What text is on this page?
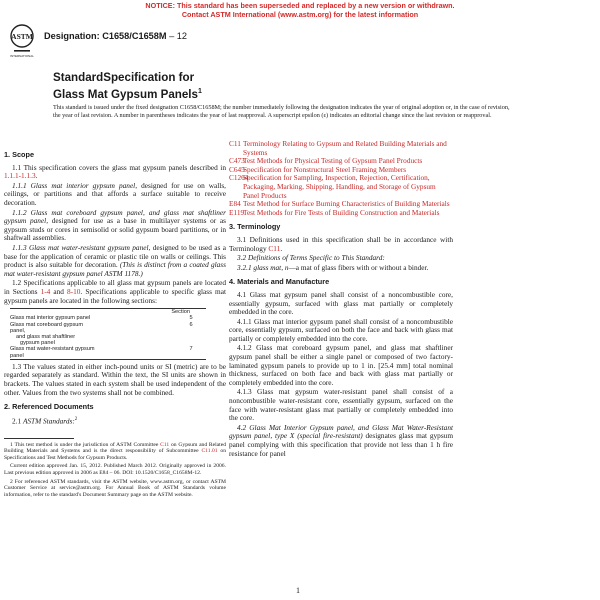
NOTICE: This standard has been superseded and replaced by a new version or withdrawn.
Contact ASTM International (www.astm.org) for the latest information
ASTM
INTERNATIONAL
Designation: C1658/C1658M – 12
StandardSpecification for
Glass Mat Gypsum Panels$^1$
This standard is issued under the fixed designation C1658/C1658M; the number immediately following the designation indicates the year of original adoption or, in the case of revision, the year of last revision. A number in parentheses indicates the year of last reapproval. A superscript epsilon (ε) indicates an editorial change since the last revision or reapproval.
1. Scope
1.1 This specification covers the glass mat gypsum panels described in 1.1.1-1.1.3.
1.1.1 Glass mat interior gypsum panel, designed for use on walls, ceilings, or partitions and that affords a surface suitable to receive decoration.
1.1.2 Glass mat coreboard gypsum panel, and glass mat shaftliner gypsum panel, designed for use as a base in multilayer systems or as gypsum studs or cores in semisolid or solid gypsum board partitions, or in shaftwall assemblies.
1.1.3 Glass mat water-resistant gypsum panel, designed to be used as a base for the application of ceramic or plastic tile on walls or ceilings. This product is also suitable for decoration. (This is distinct from a coated glass mat water-resistant gypsum panel ASTM 1178.)
1.2 Specifications applicable to all glass mat gypsum panels are located in Sections 1-4 and 8-10. Specifications applicable to specific glass mat gypsum panels are located in the following sections:
Section
Glass mat interior gypsum panel	5
Glass mat coreboard gypsum	6
panel,
and glass mat shaftliner
gypsum panel
Glass mat water-resistant gypsum	7
panel
1.3 The values stated in either inch-pound units or SI (metric) are to be regarded separately as standard. Within the text, the SI units are shown in brackets. The values stated in each system shall be used independent of the other. Values from the two systems shall not be combined.
2. Referenced Documents
2.1 ASTM Standards:$^2$
1 This test method is under the jurisdiction of ASTM Committee C11 on Gypsum and Related Building Materials and Systems and is the direct responsibility of Subcommittee C11.01 on Specifications and Test Methods for Gypsum Products.
Current edition approved Jan. 15, 2012. Published March 2012. Originally approved in 2006. Last previous edition approved in 2006 as E84 – 06. DOI: 10.1520/C1658_C1658M-12.
2 For referenced ASTM standards, visit the ASTM website, www.astm.org, or contact ASTM Customer Service at service@astm.org. For Annual Book of ASTM Standards volume information, refer to the standard's Document Summary page on the ASTM website.
C11 Terminology Relating to Gypsum and Related Building Materials and Systems
C473
Test Methods for Physical Testing of Gypsum Panel Products
C645
Specification for Nonstructural Steel Framing Members
C1264
Specification for Sampling, Inspection, Rejection, Certification, Packaging, Marking, Shipping, Handling, and Storage of Gypsum Panel Products
E84 Test Method for Surface Burning Characteristics of Building Materials
E119
Test Methods for Fire Tests of Building Construction and Materials
3. Terminology
3.1 Definitions used in this specification shall be in accordance with Terminology C11.
3.2 Definitions of Terms Specific to This Standard:
3.2.1 glass mat, n—a mat of glass fibers with or without a binder.
4. Materials and Manufacture
4.1 Glass mat gypsum panel shall consist of a noncombustible core, essentially gypsum, surfaced with glass mat partially or completely embedded in the core.
4.1.1 Glass mat interior gypsum panel shall consist of a noncombustible core, essentially gypsum, surfaced on both the face and back with glass mat partially or completely embedded into the core.
4.1.2 Glass mat coreboard gypsum panel, and glass mat shaftliner gypsum panel shall be either a single panel or composed of two factory-laminated gypsum panels to provide up to 1 in. [25.4 mm] total nominal thickness, surfaced on both face and back with glass mat partially or completely embedded into the core.
4.1.3 Glass mat gypsum water-resistant panel shall consist of a noncombustible water-resistant core, essentially gypsum, surfaced on the face with water-resistant glass mat partially or completely embedded into the core.
4.2 Glass Mat Interior Gypsum panel, and Glass Mat Water-Resistant gypsum panel, type X (special fire-resistant) designates glass mat gypsum panel complying with this specification that provide not less than 1 h fire resistance for panel
1
